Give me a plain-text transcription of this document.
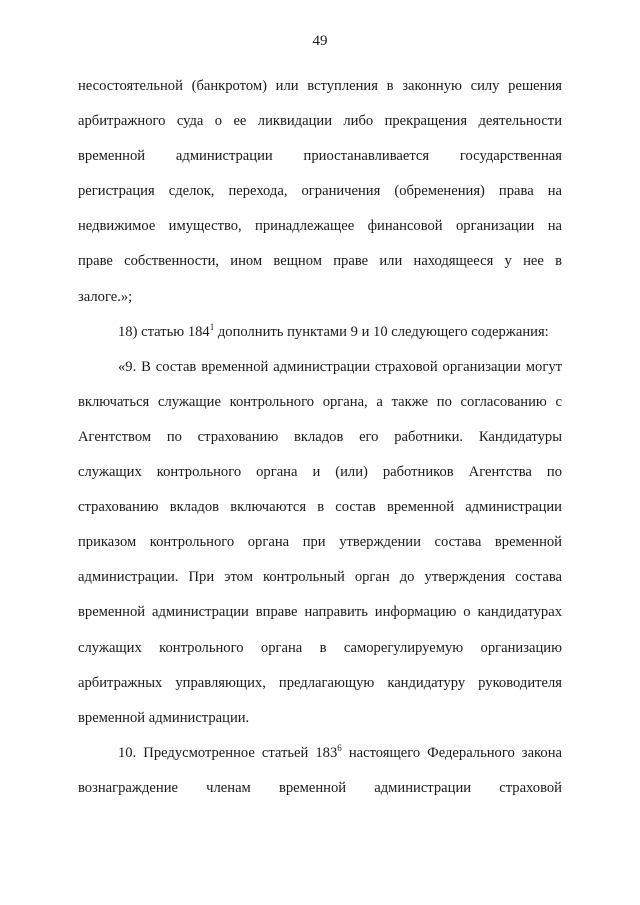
49
несостоятельной (банкротом) или вступления в законную силу решения
арбитражного суда о ее ликвидации либо прекращения деятельности
временной администрации приостанавливается государственная
регистрация сделок, перехода, ограничения (обременения) права на
недвижимое имущество, принадлежащее финансовой организации на
праве собственности, ином вещном праве или находящееся у нее в
залоге.»;
18) статью $184^1$ дополнить пунктами 9 и 10 следующего содержания:
«9. В состав временной администрации страховой организации могут
включаться служащие контрольного органа, а также по согласованию с
Агентством по страхованию вкладов его работники. Кандидатуры
служащих контрольного органа и (или) работников Агентства по
страхованию вкладов включаются в состав временной администрации
приказом контрольного органа при утверждении состава временной
администрации. При этом контрольный орган до утверждения состава
временной администрации вправе направить информацию о кандидатурах
служащих контрольного органа в саморегулируемую организацию
арбитражных управляющих, предлагающую кандидатуру руководителя
временной администрации.
10. Предусмотренное статьей $183^6$ настоящего Федерального закона
вознаграждение членам временной администрации страховой
